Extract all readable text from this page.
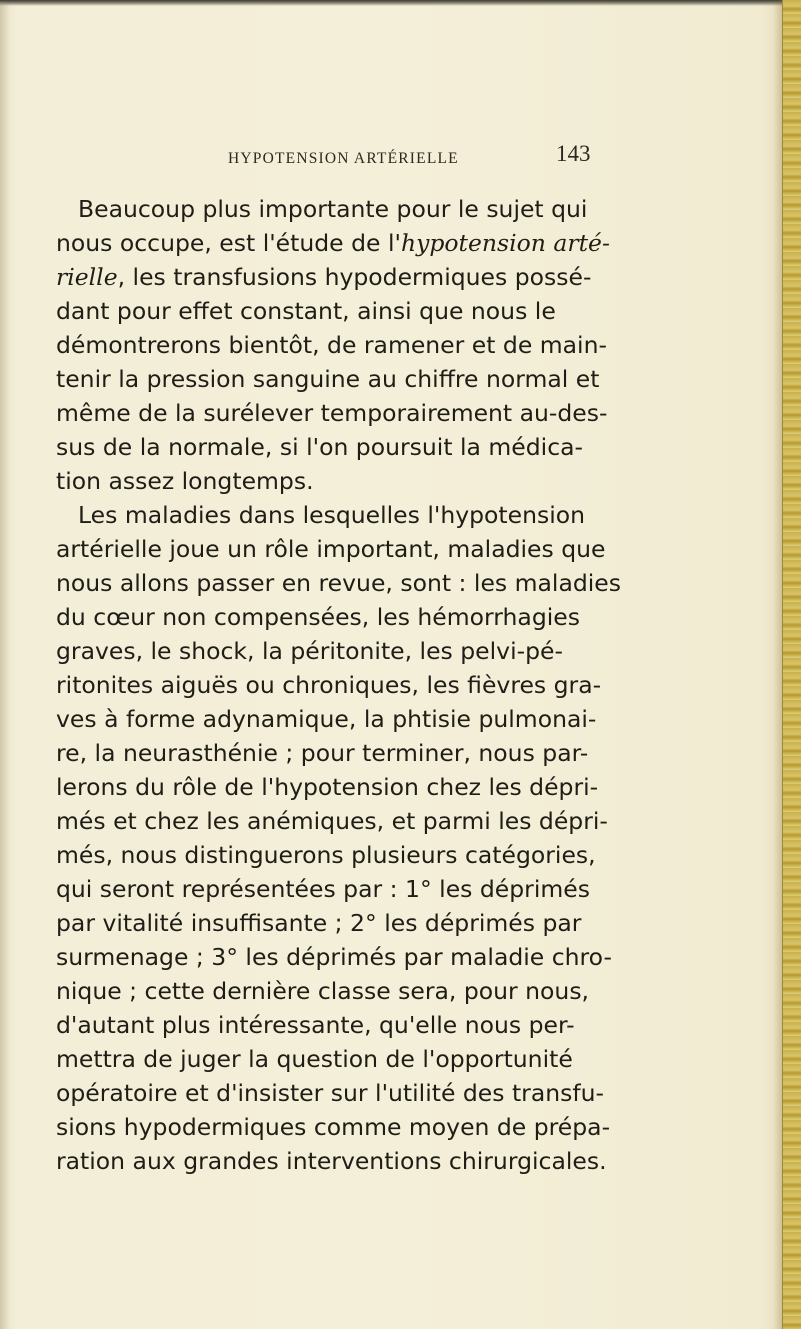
HYPOTENSION ARTÉRIELLE	143
Beaucoup plus importante pour le sujet qui
nous occupe, est l'étude de l'hypotension arté-
rielle, les transfusions hypodermiques possé-
dant pour effet constant, ainsi que nous le
démontrerons bientôt, de ramener et de main-
tenir la pression sanguine au chiffre normal et
même de la surélever temporairement au-des-
sus de la normale, si l'on poursuit la médica-
tion assez longtemps.
Les maladies dans lesquelles l'hypotension
artérielle joue un rôle important, maladies que
nous allons passer en revue, sont : les maladies
du cœur non compensées, les hémorrhagies
graves, le shock, la péritonite, les pelvi-pé-
ritonites aiguës ou chroniques, les fièvres gra-
ves à forme adynamique, la phtisie pulmonai-
re, la neurasthénie ; pour terminer, nous par-
lerons du rôle de l'hypotension chez les dépri-
més et chez les anémiques, et parmi les dépri-
més, nous distinguerons plusieurs catégories,
qui seront représentées par : 1° les déprimés
par vitalité insuffisante ; 2° les déprimés par
surmenage ; 3° les déprimés par maladie chro-
nique ; cette dernière classe sera, pour nous,
d'autant plus intéressante, qu'elle nous per-
mettra de juger la question de l'opportunité
opératoire et d'insister sur l'utilité des transfu-
sions hypodermiques comme moyen de prépa-
ration aux grandes interventions chirurgicales.
